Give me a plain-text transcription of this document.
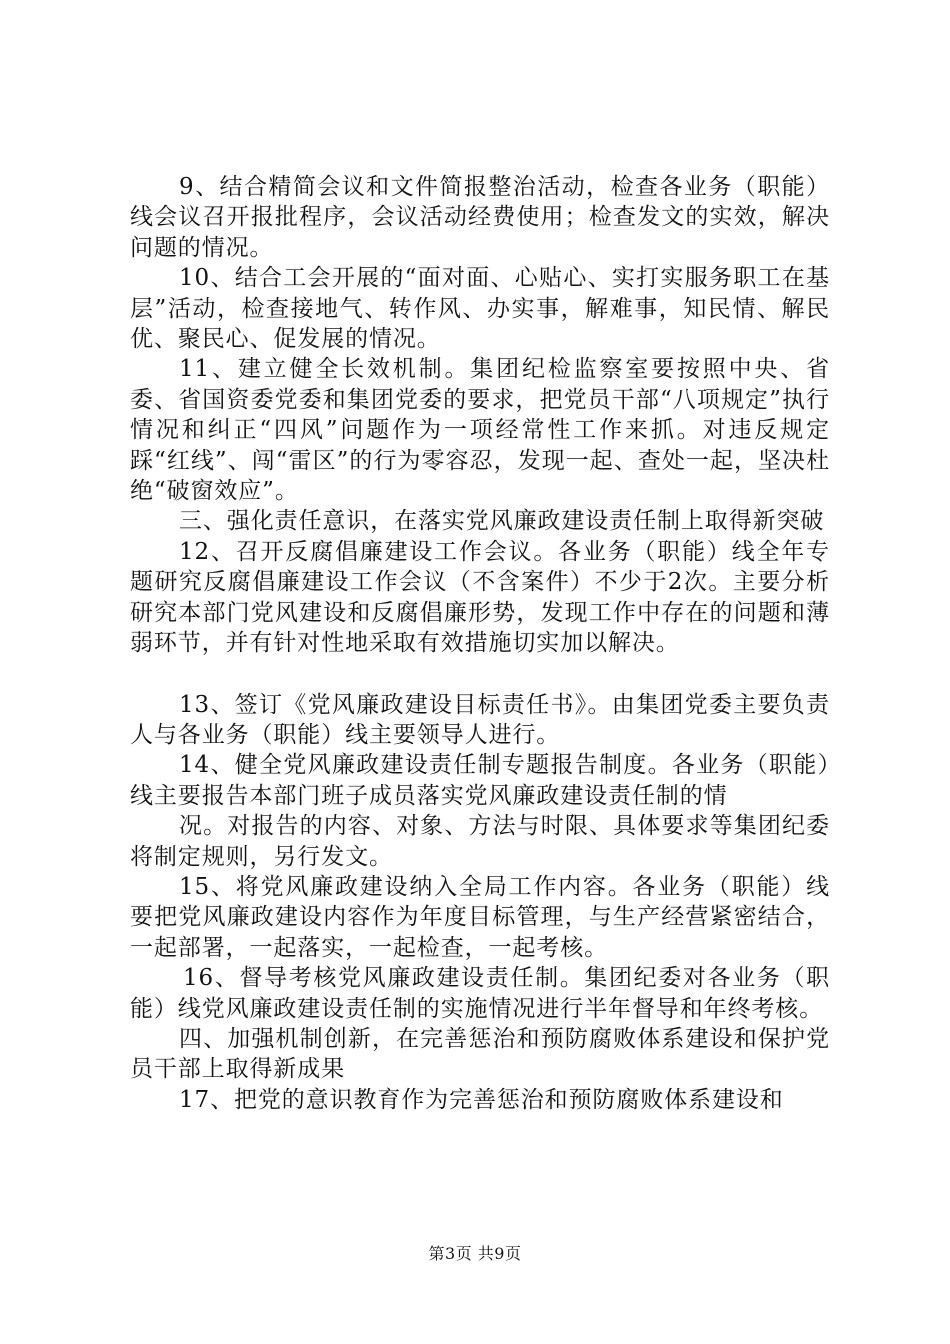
9、结合精简会议和文件简报整治活动，检查各业务（职能）线会议召开报批程序，会议活动经费使用；检查发文的实效，解决问题的情况。

10、结合工会开展的“面对面、心贴心、实打实服务职工在基层”活动，检查接地气、转作风、办实事，解难事，知民情、解民优、聚民心、促发展的情况。

11、建立健全长效机制。集团纪检监察室要按照中央、省委、省国资委党委和集团党委的要求，把党员干部“八项规定”执行情况和纠正“四风”问题作为一项经常性工作来抓。对违反规定踩“红线”、闯“雷区”的行为零容忍，发现一起、查处一起，坚决杜绝“破窗效应”。

三、强化责任意识，在落实党风廉政建设责任制上取得新突破

12、召开反腐倡廉建设工作会议。各业务（职能）线全年专题研究反腐倡廉建设工作会议（不含案件）不少于2次。主要分析研究本部门党风建设和反腐倡廉形势，发现工作中存在的问题和薄弱环节，并有针对性地采取有效措施切实加以解决。

13、签订《党风廉政建设目标责任书》。由集团党委主要负责人与各业务（职能）线主要领导人进行。

14、健全党风廉政建设责任制专题报告制度。各业务（职能）线主要报告本部门班子成员落实党风廉政建设责任制的情

况。对报告的内容、对象、方法与时限、具体要求等集团纪委将制定规则，另行发文。

15、将党风廉政建设纳入全局工作内容。各业务（职能）线要把党风廉政建设内容作为年度目标管理，与生产经营紧密结合，一起部署，一起落实，一起检查，一起考核。

16、督导考核党风廉政建设责任制。集团纪委对各业务（职能）线党风廉政建设责任制的实施情况进行半年督导和年终考核。

四、加强机制创新，在完善惩治和预防腐败体系建设和保护党员干部上取得新成果

17、把党的意识教育作为完善惩治和预防腐败体系建设和

第3页 共9页
